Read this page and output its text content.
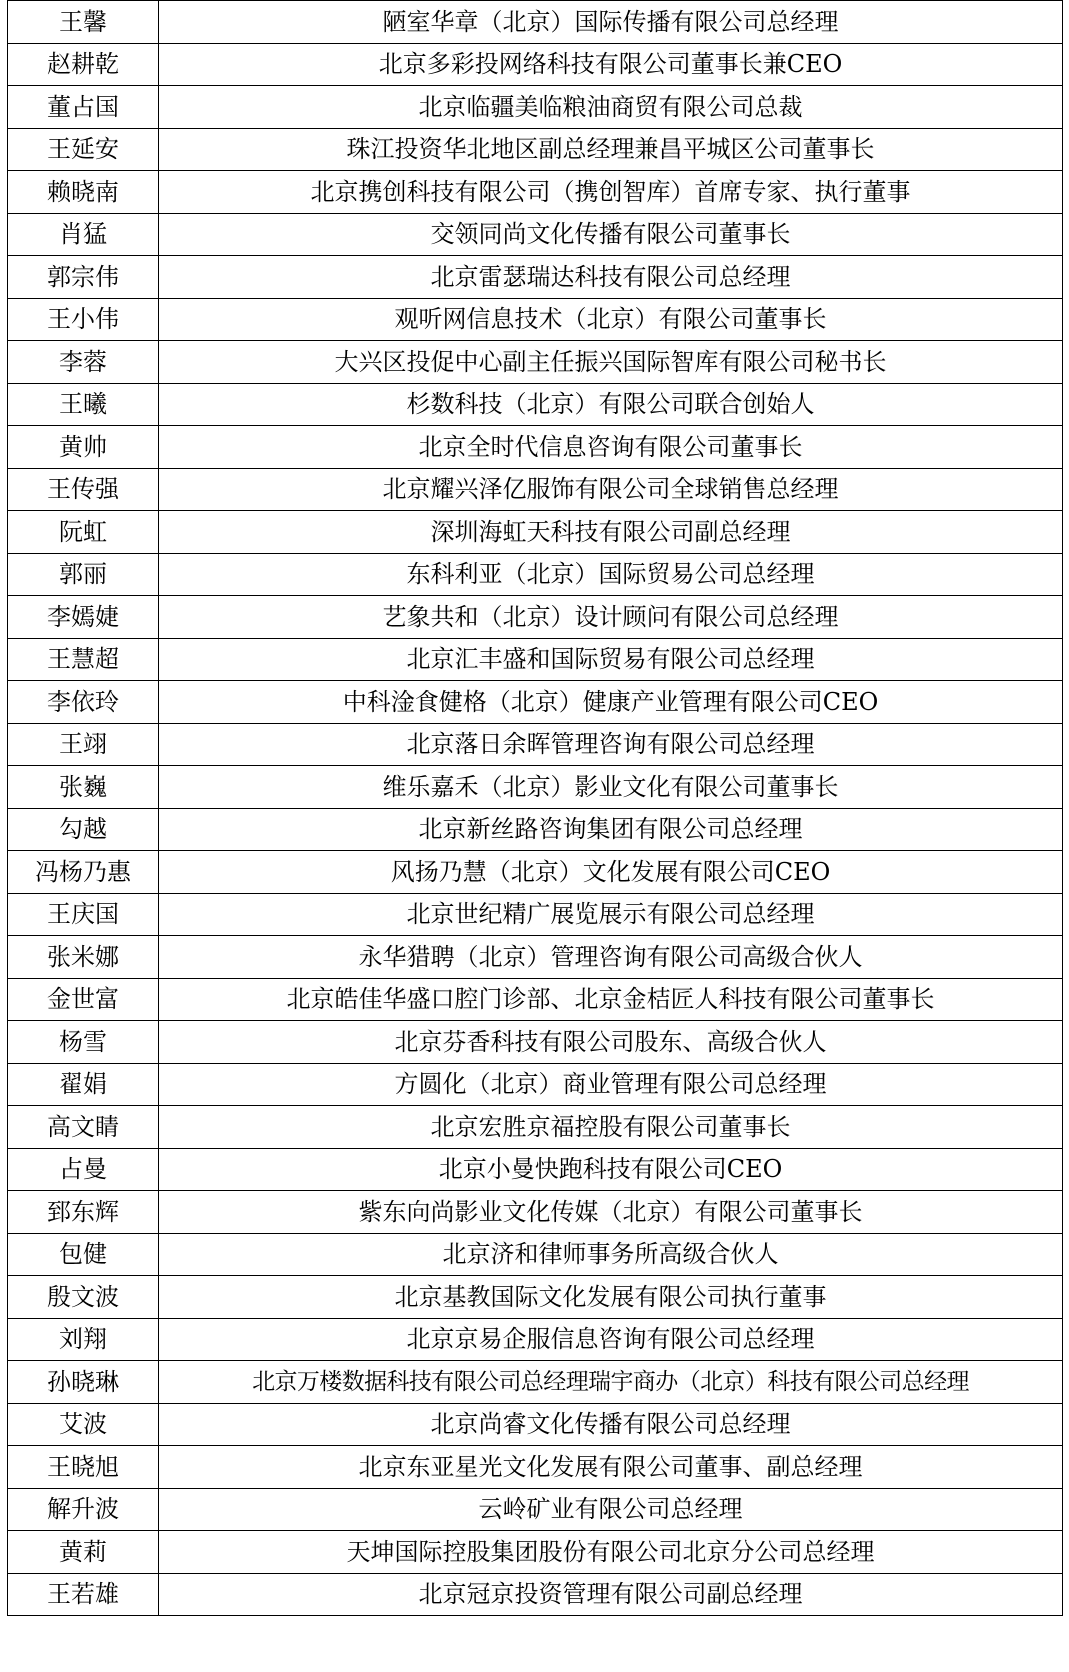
王馨	陋室华章（北京）国际传播有限公司总经理
赵耕乾	北京多彩投网络科技有限公司董事长兼CEO
董占国	北京临疆美临粮油商贸有限公司总裁
王延安	珠江投资华北地区副总经理兼昌平城区公司董事长
赖晓南	北京携创科技有限公司（携创智库）首席专家、执行董事
肖猛	交领同尚文化传播有限公司董事长
郭宗伟	北京雷瑟瑞达科技有限公司总经理
王小伟	观听网信息技术（北京）有限公司董事长
李蓉	大兴区投促中心副主任振兴国际智库有限公司秘书长
王曦	杉数科技（北京）有限公司联合创始人
黄帅	北京全时代信息咨询有限公司董事长
王传强	北京耀兴泽亿服饰有限公司全球销售总经理
阮虹	深圳海虹天科技有限公司副总经理
郭丽	东科利亚（北京）国际贸易公司总经理
李嫣婕	艺象共和（北京）设计顾问有限公司总经理
王慧超	北京汇丰盛和国际贸易有限公司总经理
李依玲	中科淦食健格（北京）健康产业管理有限公司CEO
王翊	北京落日余晖管理咨询有限公司总经理
张巍	维乐嘉禾（北京）影业文化有限公司董事长
勾越	北京新丝路咨询集团有限公司总经理
冯杨乃惠	风扬乃慧（北京）文化发展有限公司CEO
王庆国	北京世纪精广展览展示有限公司总经理
张米娜	永华猎聘（北京）管理咨询有限公司高级合伙人
金世富	北京皓佳华盛口腔门诊部、北京金桔匠人科技有限公司董事长
杨雪	北京芬香科技有限公司股东、高级合伙人
翟娟	方圆化（北京）商业管理有限公司总经理
高文睛	北京宏胜京福控股有限公司董事长
占曼	北京小曼快跑科技有限公司CEO
郅东辉	紫东向尚影业文化传媒（北京）有限公司董事长
包健	北京济和律师事务所高级合伙人
殷文波	北京基教国际文化发展有限公司执行董事
刘翔	北京京易企服信息咨询有限公司总经理
孙晓琳	北京万楼数据科技有限公司总经理瑞宇商办（北京）科技有限公司总经理
艾波	北京尚睿文化传播有限公司总经理
王晓旭	北京东亚星光文化发展有限公司董事、副总经理
解升波	云岭矿业有限公司总经理
黄莉	天坤国际控股集团股份有限公司北京分公司总经理
王若雄	北京冠京投资管理有限公司副总经理
